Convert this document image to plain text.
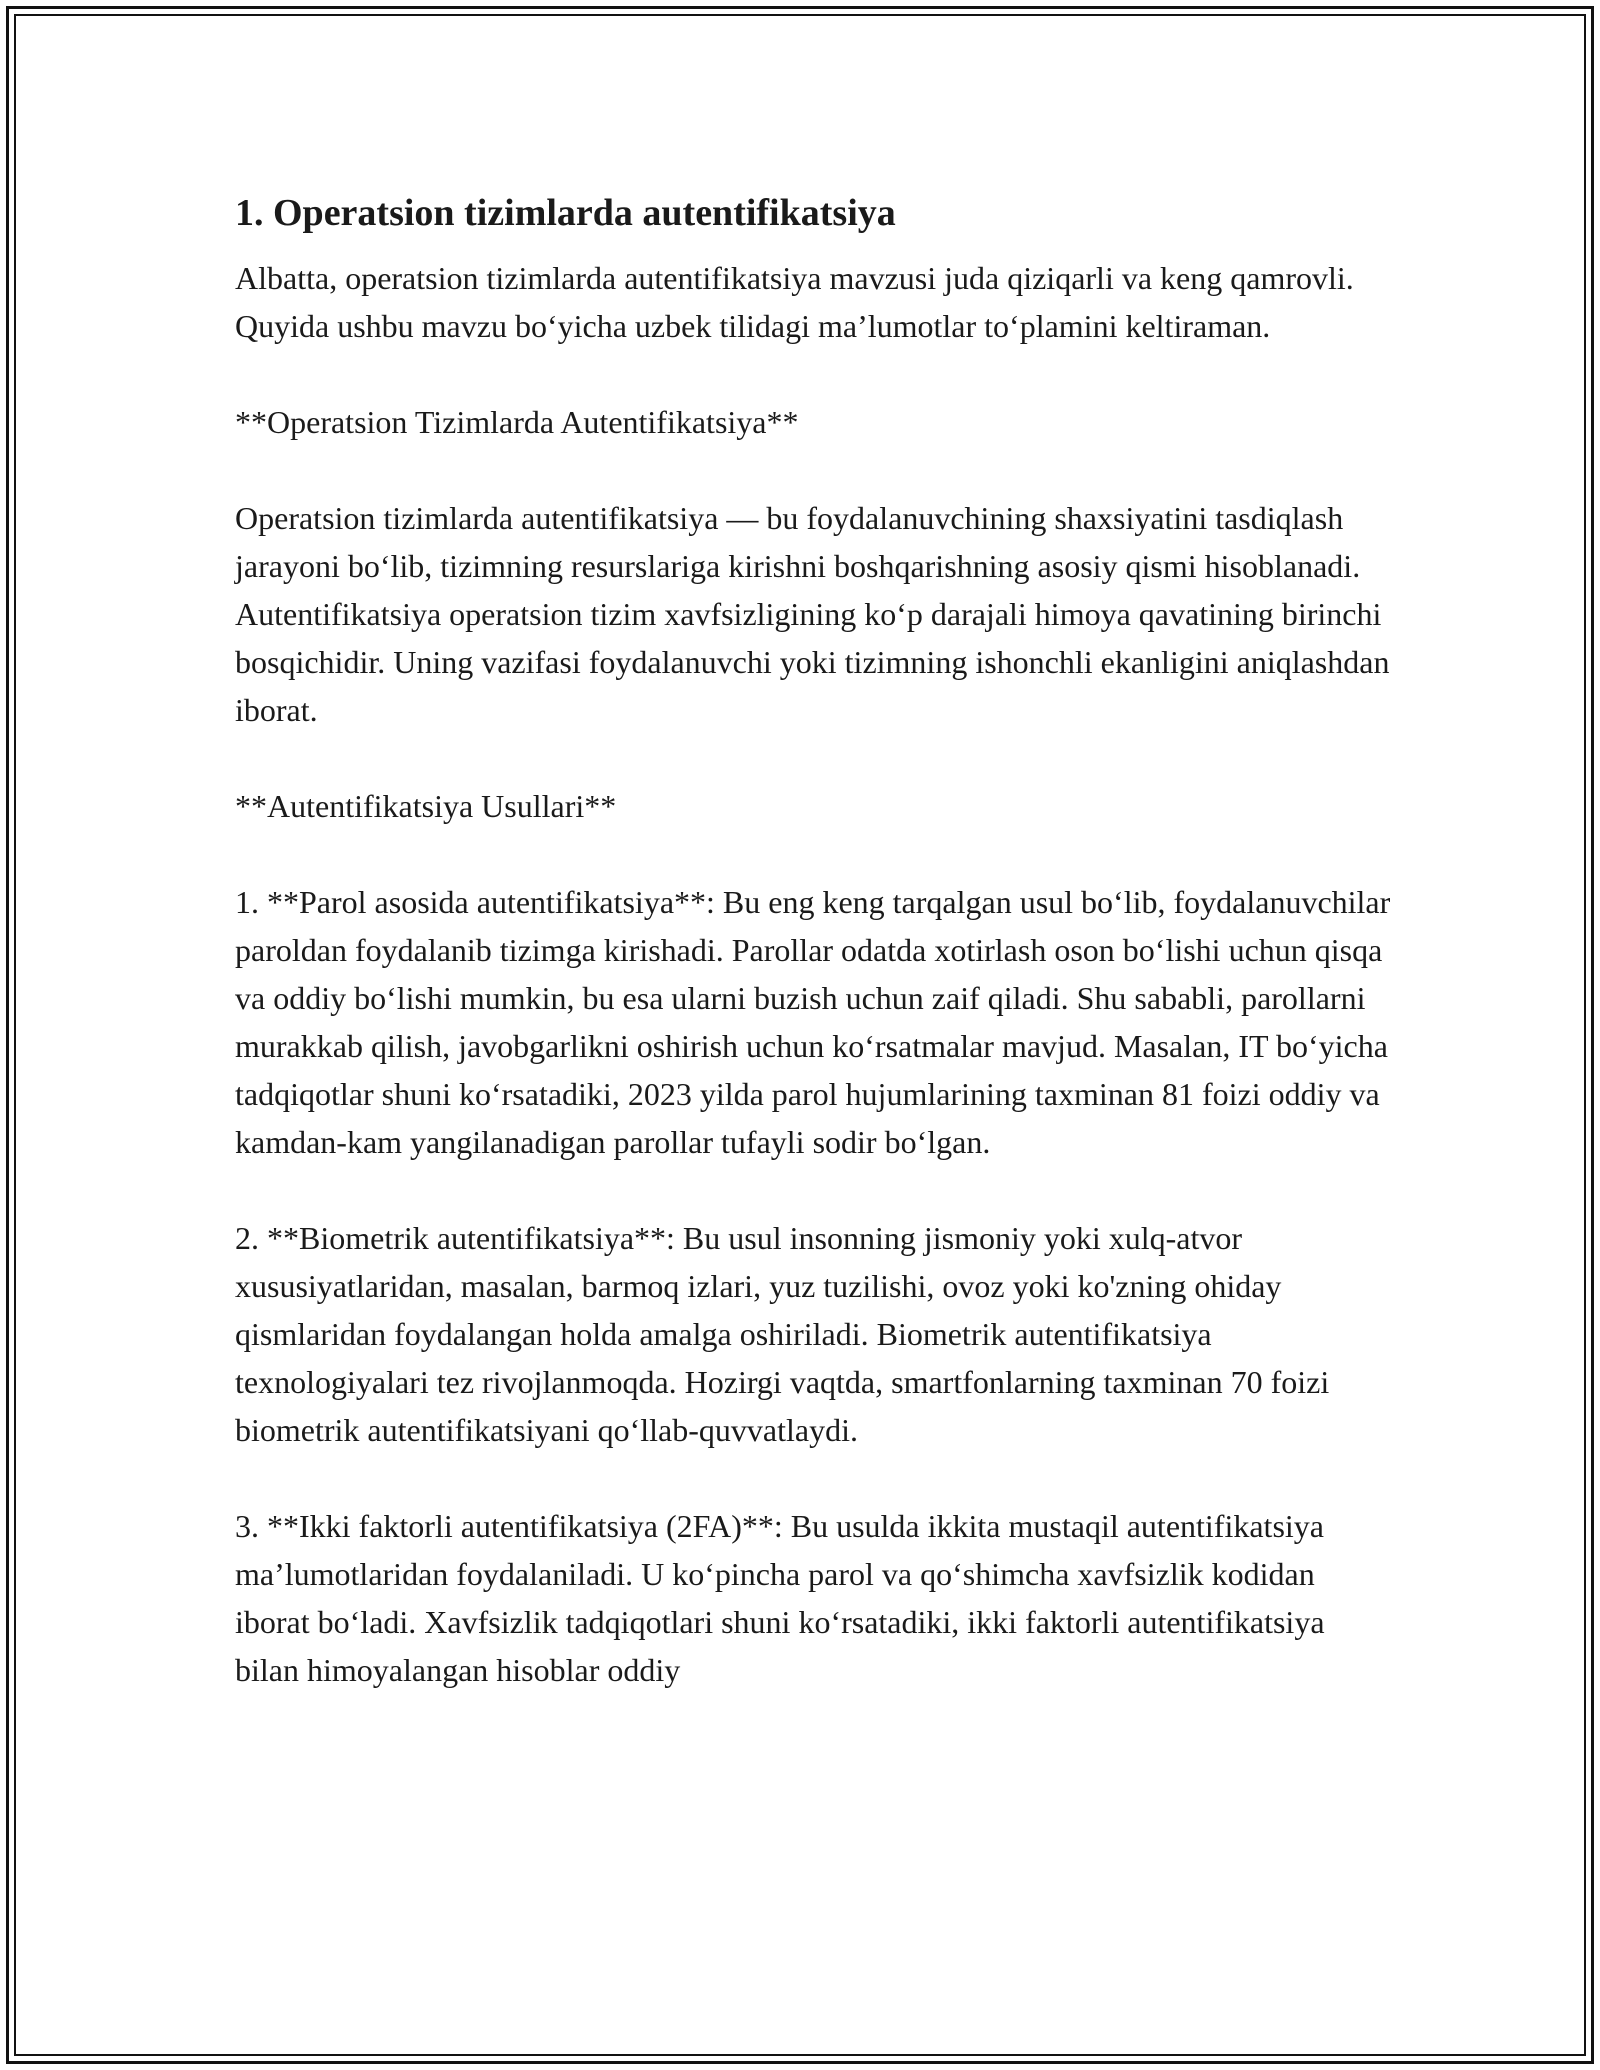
1. Operatsion tizimlarda autentifikatsiya

Albatta, operatsion tizimlarda autentifikatsiya mavzusi juda qiziqarli va keng qamrovli. Quyida ushbu mavzu bo‘yicha uzbek tilidagi ma’lumotlar to‘plamini keltiraman.

**Operatsion Tizimlarda Autentifikatsiya**

Operatsion tizimlarda autentifikatsiya — bu foydalanuvchining shaxsiyatini tasdiqlash jarayoni bo‘lib, tizimning resurslariga kirishni boshqarishning asosiy qismi hisoblanadi. Autentifikatsiya operatsion tizim xavfsizligining ko‘p darajali himoya qavatining birinchi bosqichidir. Uning vazifasi foydalanuvchi yoki tizimning ishonchli ekanligini aniqlashdan iborat.

**Autentifikatsiya Usullari**

1. **Parol asosida autentifikatsiya**: Bu eng keng tarqalgan usul bo‘lib, foydalanuvchilar paroldan foydalanib tizimga kirishadi. Parollar odatda xotirlash oson bo‘lishi uchun qisqa va oddiy bo‘lishi mumkin, bu esa ularni buzish uchun zaif qiladi. Shu sababli, parollarni murakkab qilish, javobgarlikni oshirish uchun ko‘rsatmalar mavjud. Masalan, IT bo‘yicha tadqiqotlar shuni ko‘rsatadiki, 2023 yilda parol hujumlarining taxminan 81 foizi oddiy va kamdan-kam yangilanadigan parollar tufayli sodir bo‘lgan.

2. **Biometrik autentifikatsiya**: Bu usul insonning jismoniy yoki xulq-atvor xususiyatlaridan, masalan, barmoq izlari, yuz tuzilishi, ovoz yoki ko'zning ohiday qismlaridan foydalangan holda amalga oshiriladi. Biometrik autentifikatsiya texnologiyalari tez rivojlanmoqda. Hozirgi vaqtda, smartfonlarning taxminan 70 foizi biometrik autentifikatsiyani qo‘llab-quvvatlaydi.

3. **Ikki faktorli autentifikatsiya (2FA)**: Bu usulda ikkita mustaqil autentifikatsiya ma’lumotlaridan foydalaniladi. U ko‘pincha parol va qo‘shimcha xavfsizlik kodidan iborat bo‘ladi. Xavfsizlik tadqiqotlari shuni ko‘rsatadiki, ikki faktorli autentifikatsiya bilan himoyalangan hisoblar oddiy
